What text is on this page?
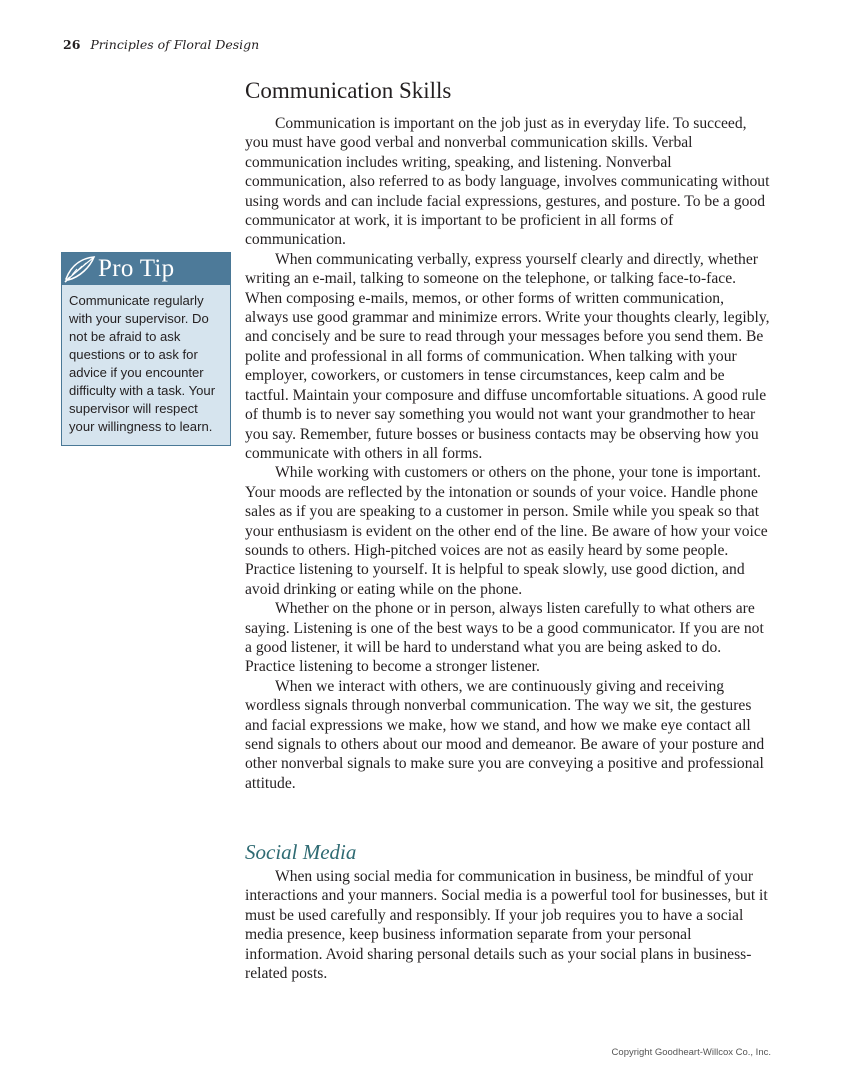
26 Principles of Floral Design
Communication Skills

Communication is important on the job just as in everyday life. To succeed, you must have good verbal and nonverbal communication skills. Verbal communication includes writing, speaking, and listening. Nonverbal communication, also referred to as body language, involves communicating without using words and can include facial expressions, gestures, and posture. To be a good communicator at work, it is important to be proficient in all forms of communication.

When communicating verbally, express yourself clearly and directly, whether writing an e-mail, talking to someone on the telephone, or talking face-to-face. When composing e-mails, memos, or other forms of written communication, always use good grammar and minimize errors. Write your thoughts clearly, legibly, and concisely and be sure to read through your messages before you send them. Be polite and professional in all forms of communication. When talking with your employer, coworkers, or customers in tense circumstances, keep calm and be tactful. Maintain your composure and diffuse uncomfortable situations. A good rule of thumb is to never say something you would not want your grandmother to hear you say. Remember, future bosses or business contacts may be observing how you communicate with others in all forms.

While working with customers or others on the phone, your tone is important. Your moods are reflected by the intonation or sounds of your voice. Handle phone sales as if you are speaking to a customer in person. Smile while you speak so that your enthusiasm is evident on the other end of the line. Be aware of how your voice sounds to others. High-pitched voices are not as easily heard by some people. Practice listening to yourself. It is helpful to speak slowly, use good diction, and avoid drinking or eating while on the phone.

Whether on the phone or in person, always listen carefully to what others are saying. Listening is one of the best ways to be a good communicator. If you are not a good listener, it will be hard to understand what you are being asked to do. Practice listening to become a stronger listener.

When we interact with others, we are continuously giving and receiving wordless signals through nonverbal communication. The way we sit, the gestures and facial expressions we make, how we stand, and how we make eye contact all send signals to others about our mood and demeanor. Be aware of your posture and other nonverbal signals to make sure you are conveying a positive and professional attitude.

Social Media

When using social media for communication in business, be mindful of your interactions and your manners. Social media is a powerful tool for businesses, but it must be used carefully and responsibly. If your job requires you to have a social media presence, keep business information separate from your personal information. Avoid sharing personal details such as your social plans in business-related posts.

Pro Tip
Communicate regularly with your supervisor. Do not be afraid to ask questions or to ask for advice if you encounter difficulty with a task. Your supervisor will respect your willingness to learn.
Copyright Goodheart-Willcox Co., Inc.
